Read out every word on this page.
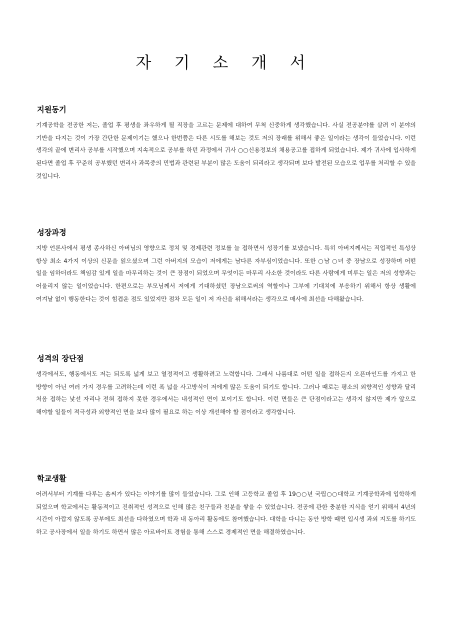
자 기 소 개 서
지원동기

기계공학을 전공한 저는, 졸업 후 평생을 좌우하게 될 직장을 고르는 문제에 대하여 무척 신중하게 생각했습니다. 사실 전공분야를 살려 이 분야의 기반을 다지는 것이 가장 간단한 문제이기는 했으나 한번쯤은 다른 시도를 해보는 것도 저의 장래를 위해서 좋은 일이라는 생각이 들었습니다. 이런 생각의 끝에 변리사 공부를 시작했으며 지속적으로 공부를 하던 과정에서 귀사 ○○신용정보의 채용공고를 접하게 되었습니다. 제가 귀사에 입사하게 된다면 졸업 후 꾸준히 공부했던 변리사 과목중의 민법과 관련된 부분이 많은 도움이 되리라고 생각되며 보다 발전된 모습으로 업무를 처리할 수 있을 것입니다.

성장과정

지방 언론사에서 평생 종사하신 아버님의 영향으로 정치 및 경제관련 정보를 늘 접하면서 성장기를 보냈습니다. 특히 아버지께서는 직업적인 특성상 항상 최소 4가지 이상의 신문을 읽으셨으며 그런 아버지의 모습이 저에게는 남다른 자부심이었습니다. 또한 ○남 ○녀 중 장남으로 성장하며 어떤 일을 임하더라도 책임감 있게 일을 마무리하는 것이 큰 장점이 되었으며 무엇이든 마무리 사소한 것이라도 다른 사람에게 미루는 일은 저의 성향과는 어울리지 않는 일이었습니다. 한편으로는 부모님께서 저에게 기대하셨던 장남으로써의 역할이나 그부에 기대치에 부응하기 위해서 항상 생활에 여겨날 없이 행동한다는 것이 힘겹운 점도 있었지만 점차 모든 일이 저 자신을 위해서라는 생각으로 매사에 최선을 다해왔습니다.

성격의 장단점

생각에서도, 행동에서도 저는 되도록 넓게 보고 열정적이고 생활하려고 노력합니다. 그래서 나름대로 어떤 일을 접하든지 오픈마인드를 가지고 한 방향이 아닌 여러 가지 경우를 고려하는데 이런 폭 넓을 사고방식이 저에게 많은 도움이 되기도 합니다. 그러나 때로는 평소의 외향적인 성향과 달리 처음 접하는 낯선 자리나 전혀 접하지 못한 경우에서는 내성적인 면이 보이기도 합니다. 이런 면들은 큰 단점이라고는 생각지 않지만 제가 앞으로 해야할 일들이 적극성과 외향적인 면을 보다 많이 필요로 하는 이상 개선해야 할 점이라고 생각합니다.

학교생활

어려서부터 기계를 다루는 솜씨가 있다는 이야기를 많이 들었습니다. 그로 인해 고등학교 졸업 후 19○○년 국립○○대학교 기계공학과에 입학하게 되었으며 학교에서는 활동적이고 진취적인 성격으로 인해 많은 친구들과 친분을 쌓을 수 있었습니다. 전공에 관한 충분한 지식을 얻기 위해서 4년의 시간이 아깝지 않도록 공부에도 최선을 다하였으며 학과 내 동아리 활동에도 참여했습니다. 대학을 다니는 동안 방학 때면 입시생 과외 지도를 하기도 하고 공사장에서 일을 하기도 하면서 많은 아르바이트 경험을 통해 스스로 경제적인 면을 해결하였습니다.
